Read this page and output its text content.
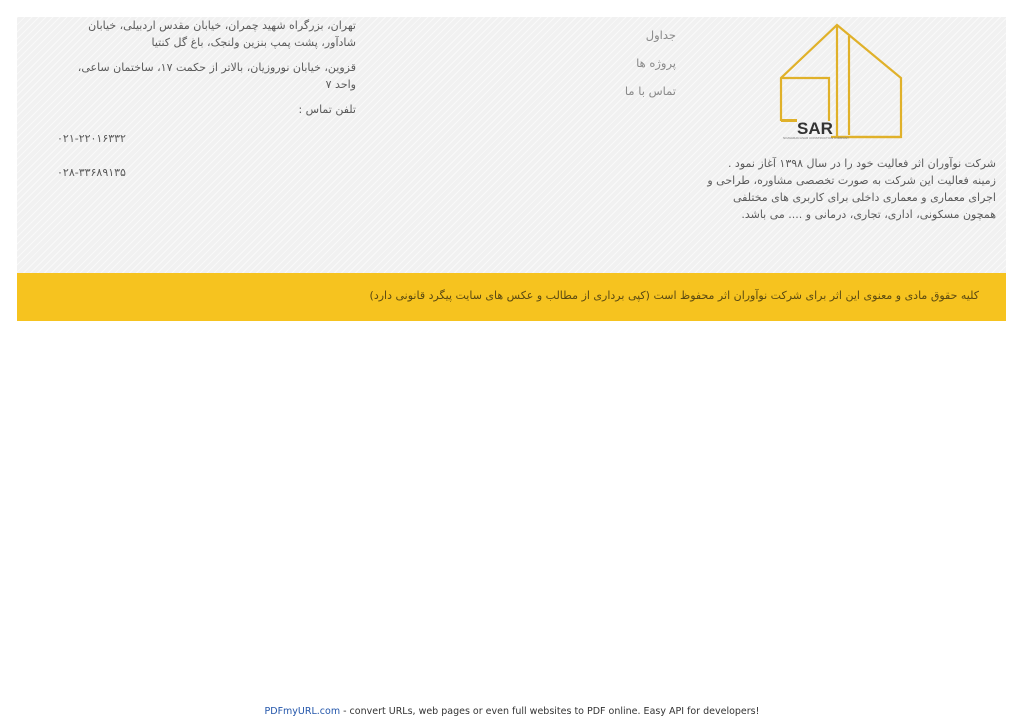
SAR
NOAVARAN ASAR CONSTRUCTION COMPANY
شرکت نوآوران اثر فعالیت خود را در سال ۱۳۹۸ آغاز نمود . زمینه فعالیت این شرکت به صورت تخصصی مشاوره، طراحی و اجرای معماری و معماری داخلی برای کاربری های مختلفی همچون مسکونی، اداری، تجاری، درمانی و .... می باشد.
جداول
پروژه ها
تماس با ما

تهران، بزرگراه شهید چمران، خیابان مقدس اردبیلی، خیابان شادآور، پشت پمپ بنزین ولنجک، باغ گل کنتیا

قزوین، خیابان نوروزیان، بالاتر از حکمت ۱۷، ساختمان ساعی، واحد ۷

تلفن تماس :

۰۲۱-۲۲۰۱۶۳۳۲

۰۲۸-۳۳۶۸۹۱۳۵

کلیه حقوق مادی و معنوی این اثر برای شرکت نوآوران اثر محفوظ است (کپی برداری از مطالب و عکس های سایت پیگرد قانونی دارد)
PDFmyURL.com - convert URLs, web pages or even full websites to PDF online. Easy API for developers!
